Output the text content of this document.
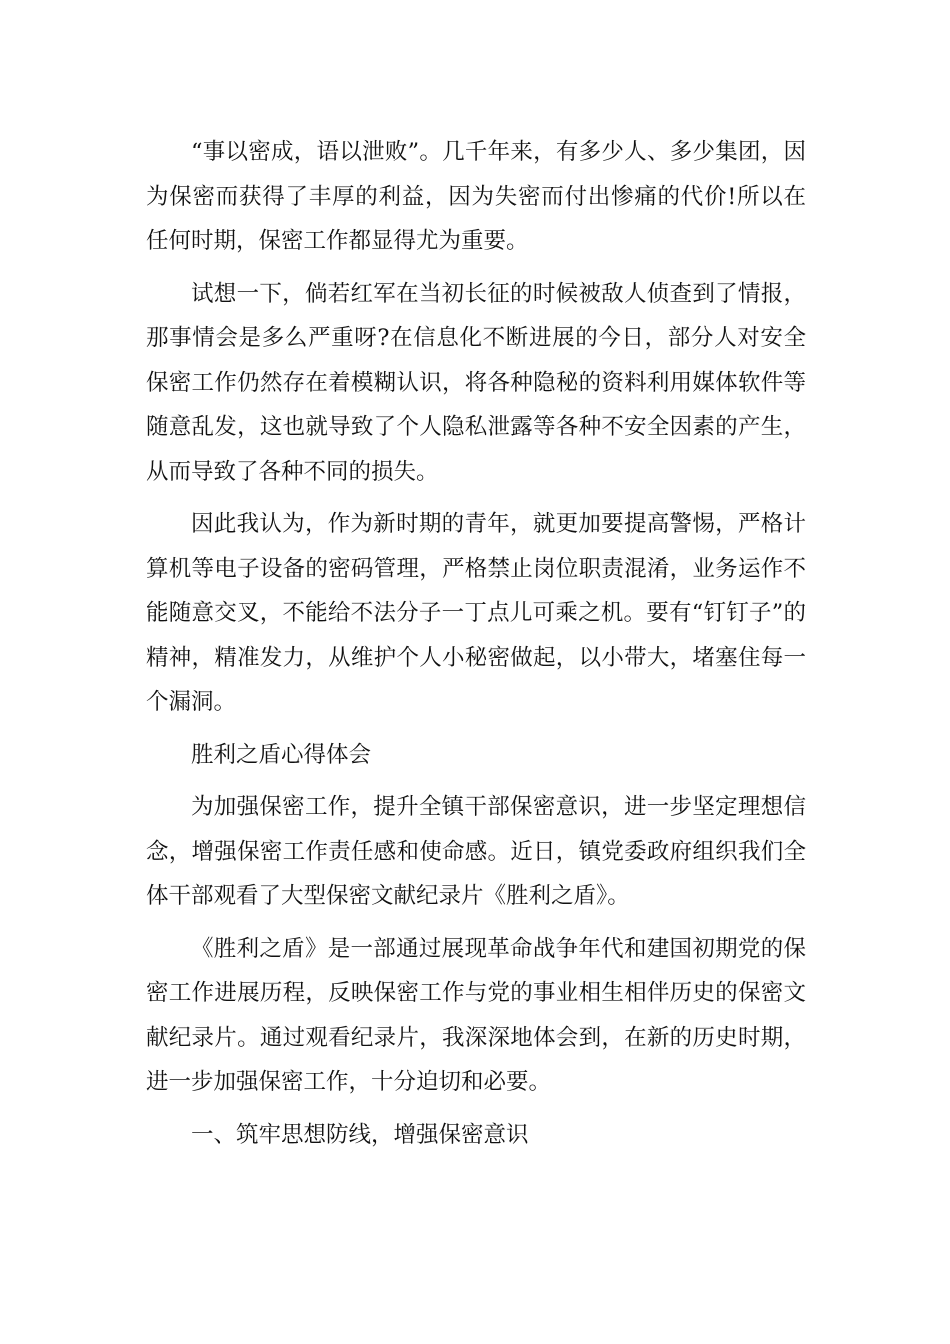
“事以密成，语以泄败”。几千年来，有多少人、多少集团，因为保密而获得了丰厚的利益，因为失密而付出惨痛的代价!所以在任何时期，保密工作都显得尤为重要。

试想一下，倘若红军在当初长征的时候被敌人侦查到了情报，那事情会是多么严重呀?在信息化不断进展的今日，部分人对安全保密工作仍然存在着模糊认识，将各种隐秘的资料利用媒体软件等随意乱发，这也就导致了个人隐私泄露等各种不安全因素的产生，从而导致了各种不同的损失。

因此我认为，作为新时期的青年，就更加要提高警惕，严格计算机等电子设备的密码管理，严格禁止岗位职责混淆，业务运作不能随意交叉，不能给不法分子一丁点儿可乘之机。要有“钉钉子”的精神，精准发力，从维护个人小秘密做起，以小带大，堵塞住每一个漏洞。

胜利之盾心得体会

为加强保密工作，提升全镇干部保密意识，进一步坚定理想信念，增强保密工作责任感和使命感。近日，镇党委政府组织我们全体干部观看了大型保密文献纪录片《胜利之盾》。

《胜利之盾》是一部通过展现革命战争年代和建国初期党的保密工作进展历程，反映保密工作与党的事业相生相伴历史的保密文献纪录片。通过观看纪录片，我深深地体会到，在新的历史时期，进一步加强保密工作，十分迫切和必要。

一、筑牢思想防线，增强保密意识
